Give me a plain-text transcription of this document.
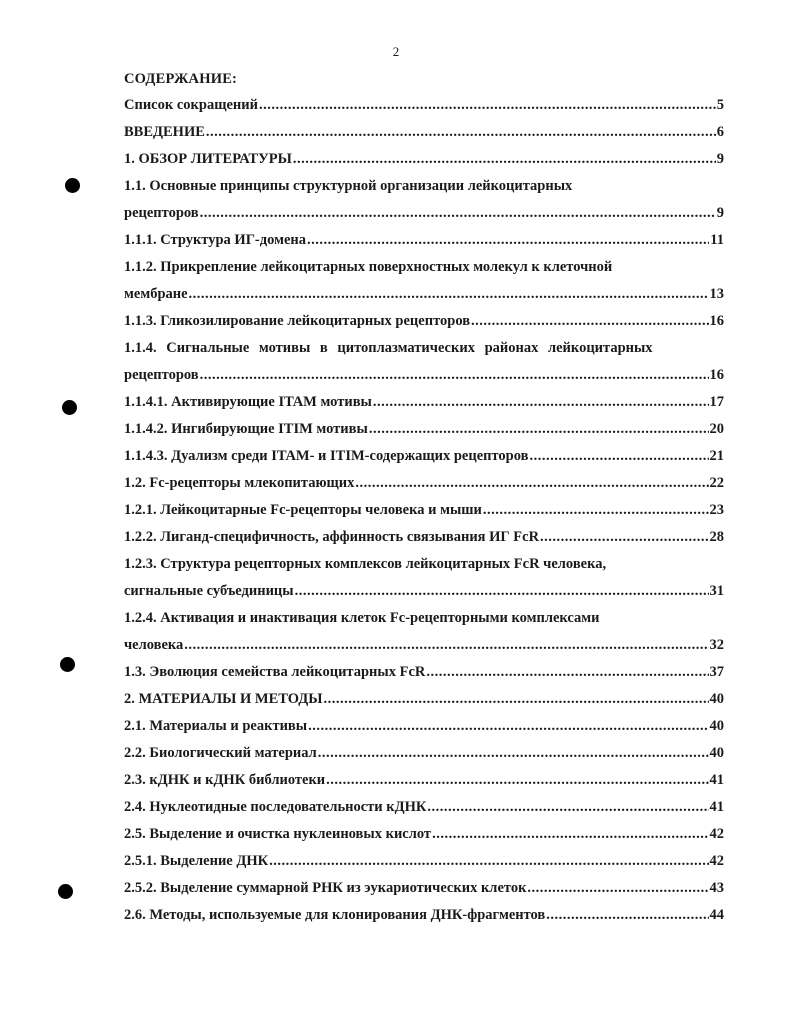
2
СОДЕРЖАНИЕ:
Список сокращений .....	5
ВВЕДЕНИЕ .....	6
1. ОБЗОР ЛИТЕРАТУРЫ .....	9
1.1. Основные принципы структурной организации лейкоцитарных
рецепторов .....	9
1.1.1. Структура ИГ-домена .....	11
1.1.2. Прикрепление лейкоцитарных поверхностных молекул к клеточной
мембране .....	13
1.1.3. Гликозилирование лейкоцитарных рецепторов .....	16
1.1.4. Сигнальные мотивы в цитоплазматических районах лейкоцитарных
рецепторов .....	16
1.1.4.1. Активирующие ITAM мотивы .....	17
1.1.4.2. Ингибирующие ITIM мотивы .....	20
1.1.4.3. Дуализм среди ITAM- и ITIM-содержащих рецепторов .....	21
1.2. Fc-рецепторы млекопитающих .....	22
1.2.1. Лейкоцитарные Fc-рецепторы человека и мыши .....	23
1.2.2. Лиганд-специфичность, аффинность связывания ИГ FcR .....	28
1.2.3. Структура рецепторных комплексов лейкоцитарных FcR человека,
сигнальные субъединицы .....	31
1.2.4. Активация и инактивация клеток Fc-рецепторными комплексами
человека .....	32
1.3. Эволюция семейства лейкоцитарных FcR .....	37
2. МАТЕРИАЛЫ И МЕТОДЫ .....	40
2.1. Материалы и реактивы .....	40
2.2. Биологический материал .....	40
2.3. кДНК и кДНК библиотеки .....	41
2.4. Нуклеотидные последовательности кДНК .....	41
2.5. Выделение и очистка нуклеиновых кислот .....	42
2.5.1. Выделение ДНК .....	42
2.5.2. Выделение суммарной РНК из эукариотических клеток .....	43
2.6. Методы, используемые для клонирования ДНК-фрагментов .....	44
